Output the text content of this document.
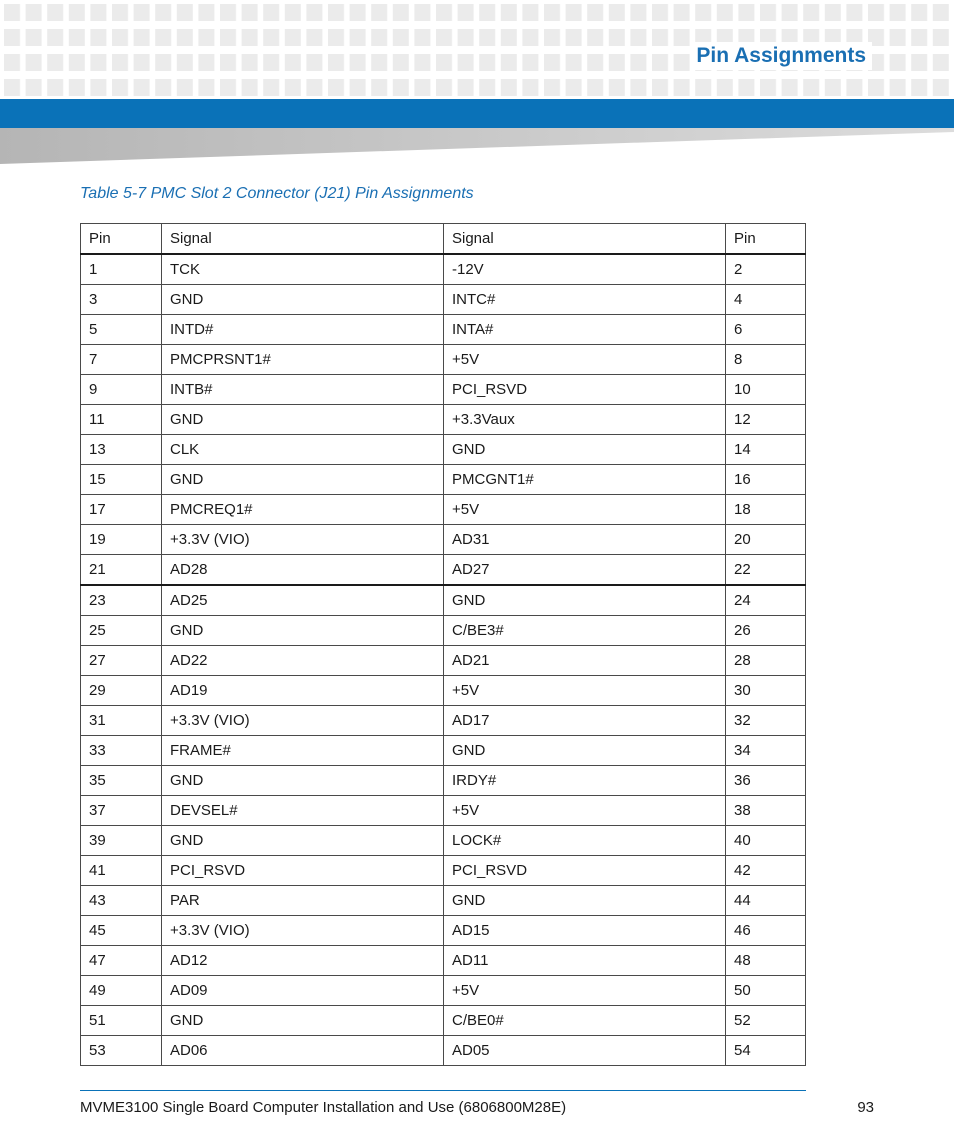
Pin Assignments
Table 5-7 PMC Slot 2 Connector (J21) Pin Assignments
Pin	Signal	Signal	Pin
1	TCK	-12V	2
3	GND	INTC#	4
5	INTD#	INTA#	6
7	PMCPRSNT1#	+5V	8
9	INTB#	PCI_RSVD	10
11	GND	+3.3Vaux	12
13	CLK	GND	14
15	GND	PMCGNT1#	16
17	PMCREQ1#	+5V	18
19	+3.3V (VIO)	AD31	20
21	AD28	AD27	22
23	AD25	GND	24
25	GND	C/BE3#	26
27	AD22	AD21	28
29	AD19	+5V	30
31	+3.3V (VIO)	AD17	32
33	FRAME#	GND	34
35	GND	IRDY#	36
37	DEVSEL#	+5V	38
39	GND	LOCK#	40
41	PCI_RSVD	PCI_RSVD	42
43	PAR	GND	44
45	+3.3V (VIO)	AD15	46
47	AD12	AD11	48
49	AD09	+5V	50
51	GND	C/BE0#	52
53	AD06	AD05	54
MVME3100 Single Board Computer Installation and Use (6806800M28E)	93
